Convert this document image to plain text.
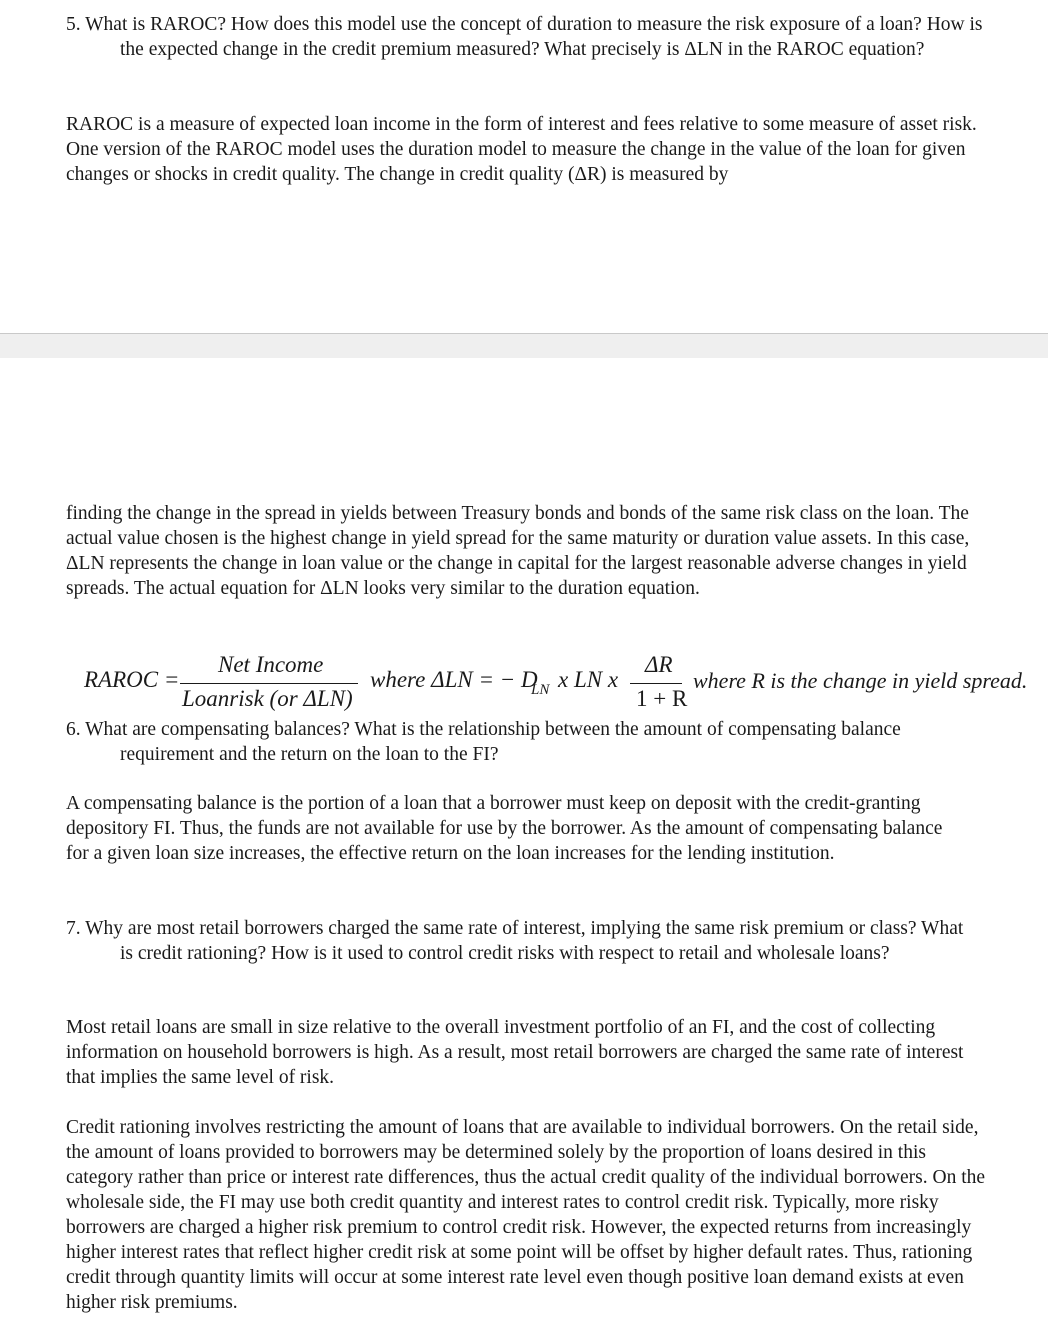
5. What is RAROC? How does this model use the concept of duration to measure the risk exposure of a loan? How is the expected change in the credit premium measured? What precisely is ΔLN in the RAROC equation?

RAROC is a measure of expected loan income in the form of interest and fees relative to some measure of asset risk. One version of the RAROC model uses the duration model to measure the change in the value of the loan for given changes or shocks in credit quality. The change in credit quality (ΔR) is measured by

finding the change in the spread in yields between Treasury bonds and bonds of the same risk class on the loan. The actual value chosen is the highest change in yield spread for the same maturity or duration value assets. In this case, ΔLN represents the change in loan value or the change in capital for the largest reasonable adverse changes in yield spreads. The actual equation for ΔLN looks very similar to the duration equation.

RAROC =
Net Income
Loanrisk (or ΔLN)
where ΔLN = − D
LN x LN x
ΔR
1 + R
where R is the change in yield spread.

6. What are compensating balances? What is the relationship between the amount of compensating balance requirement and the return on the loan to the FI?

A compensating balance is the portion of a loan that a borrower must keep on deposit with the credit-granting depository FI. Thus, the funds are not available for use by the borrower. As the amount of compensating balance for a given loan size increases, the effective return on the loan increases for the lending institution.

7. Why are most retail borrowers charged the same rate of interest, implying the same risk premium or class? What is credit rationing? How is it used to control credit risks with respect to retail and wholesale loans?

Most retail loans are small in size relative to the overall investment portfolio of an FI, and the cost of collecting information on household borrowers is high. As a result, most retail borrowers are charged the same rate of interest that implies the same level of risk.

Credit rationing involves restricting the amount of loans that are available to individual borrowers. On the retail side, the amount of loans provided to borrowers may be determined solely by the proportion of loans desired in this category rather than price or interest rate differences, thus the actual credit quality of the individual borrowers. On the wholesale side, the FI may use both credit quantity and interest rates to control credit risk. Typically, more risky borrowers are charged a higher risk premium to control credit risk. However, the expected returns from increasingly higher interest rates that reflect higher credit risk at some point will be offset by higher default rates. Thus, rationing credit through quantity limits will occur at some interest rate level even though positive loan demand exists at even higher risk premiums.
